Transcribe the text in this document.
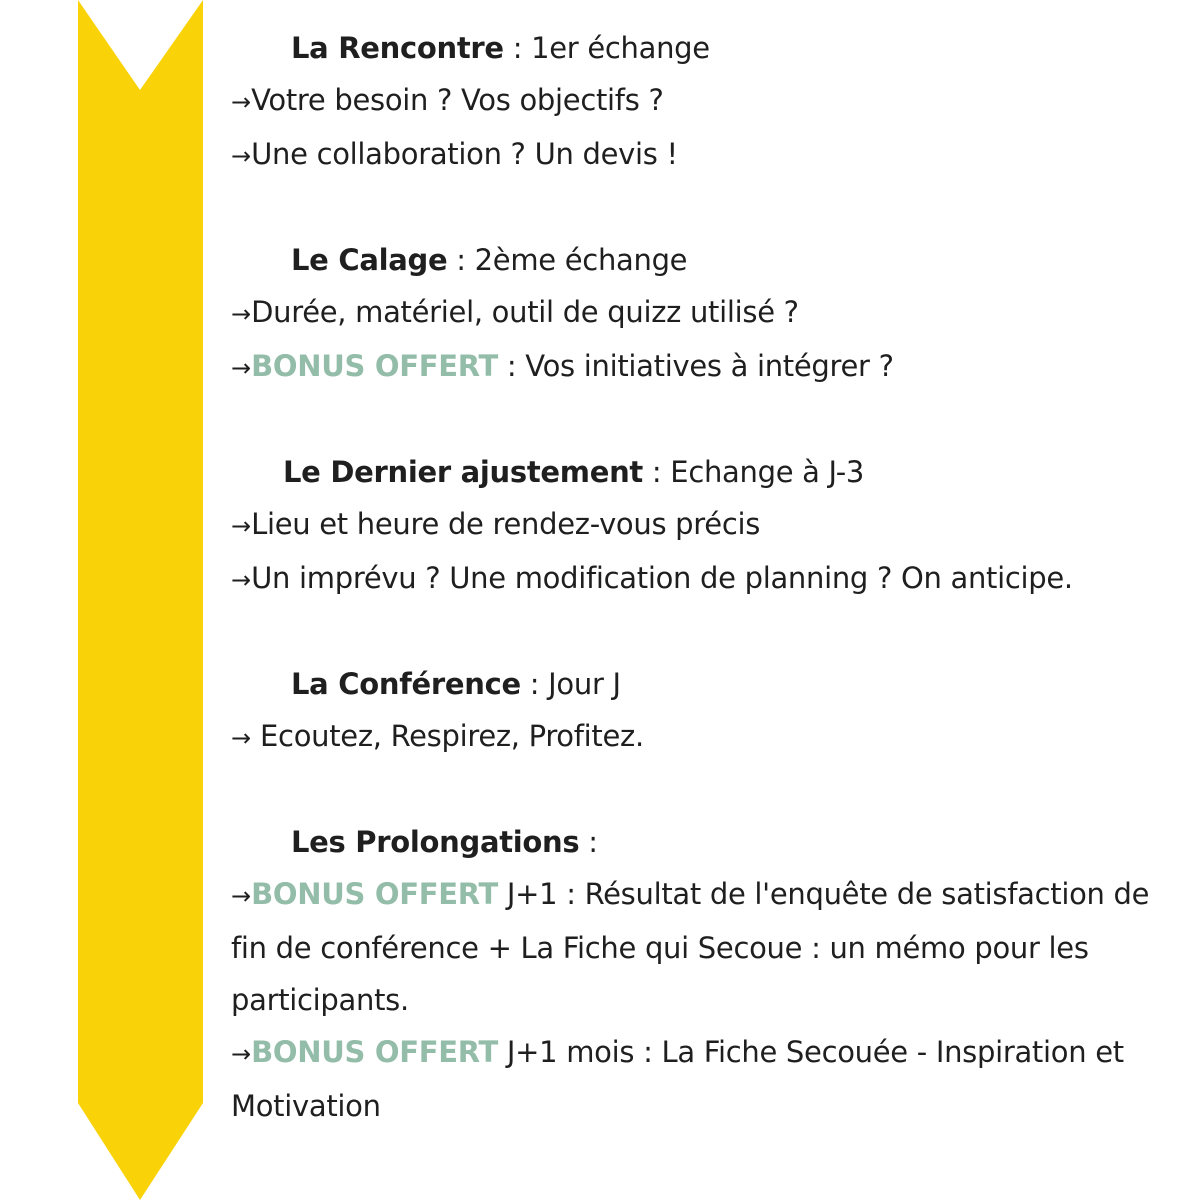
La Rencontre : 1er échange
→Votre besoin ? Vos objectifs ?
→Une collaboration ? Un devis !
Le Calage : 2ème échange
→Durée, matériel, outil de quizz utilisé ?
→BONUS OFFERT : Vos initiatives à intégrer ?
Le Dernier ajustement : Echange à J-3
→Lieu et heure de rendez-vous précis
→Un imprévu ? Une modification de planning ? On anticipe.
La Conférence : Jour J
→ Ecoutez, Respirez, Profitez.
Les Prolongations :
→BONUS OFFERT J+1 : Résultat de l'enquête de satisfaction de fin de conférence + La Fiche qui Secoue : un mémo pour les participants.
→BONUS OFFERT J+1 mois : La Fiche Secouée - Inspiration et Motivation
